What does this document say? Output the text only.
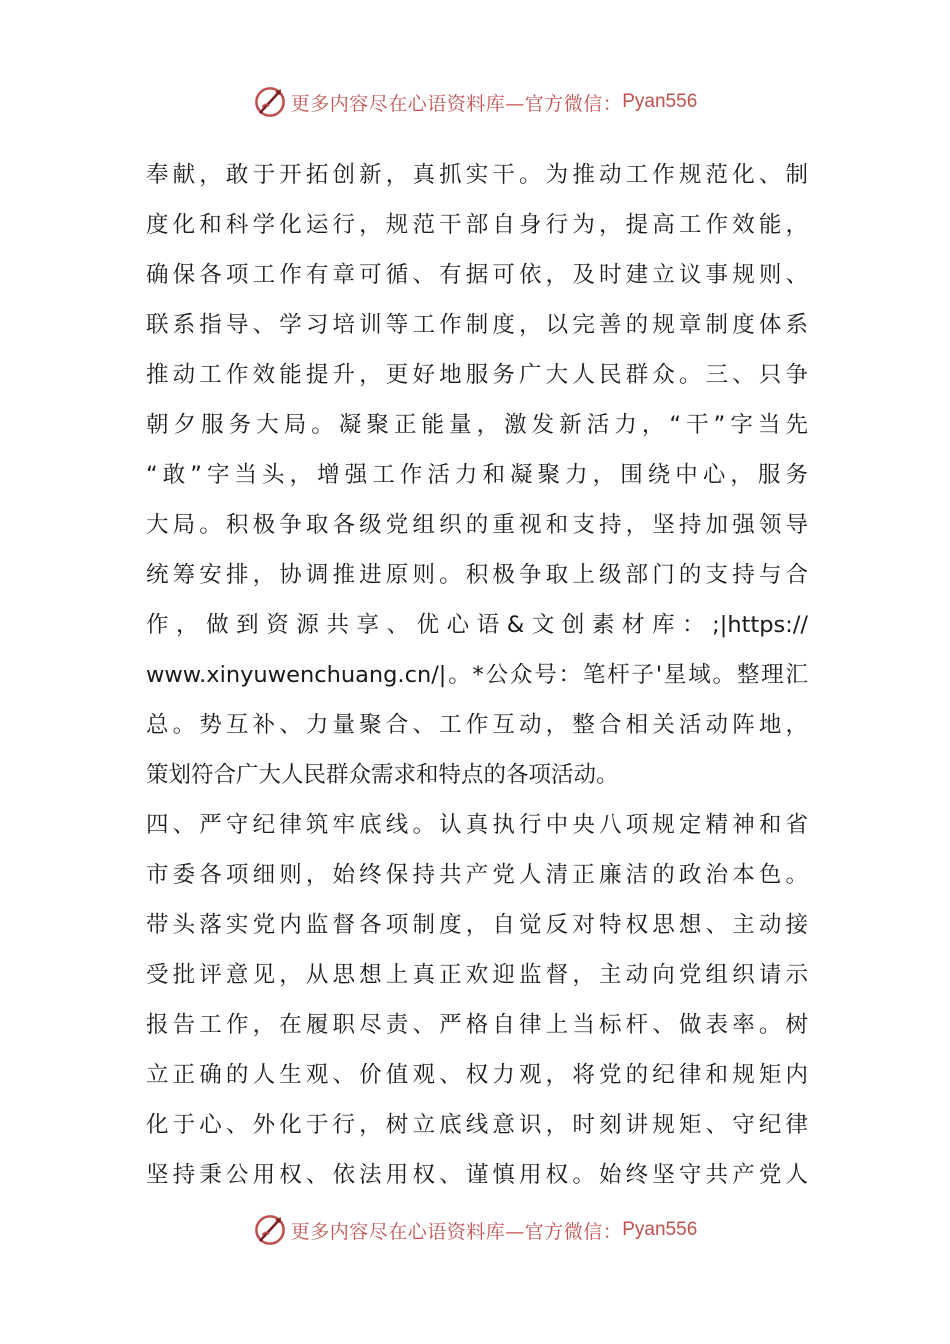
更多内容尽在心语资料库—官方微信： Pyan556
奉献，敢于开拓创新，真抓实干。为推动工作规范化、制
度化和科学化运行，规范干部自身行为，提高工作效能，
确保各项工作有章可循、有据可依，及时建立议事规则、
联系指导、学习培训等工作制度，以完善的规章制度体系
推动工作效能提升，更好地服务广大人民群众。三、只争
朝夕服务大局。凝聚正能量，激发新活力，“干”字当先
“敢”字当头，增强工作活力和凝聚力，围绕中心，服务
大局。积极争取各级党组织的重视和支持，坚持加强领导
统筹安排，协调推进原则。积极争取上级部门的支持与合
作，做到资源共享、优心语&文创素材库：;|https://
www.xinyuwenchuang.cn/|。*公众号：笔杆子'星域。整理汇
总。势互补、力量聚合、工作互动，整合相关活动阵地，
策划符合广大人民群众需求和特点的各项活动。
四、严守纪律筑牢底线。认真执行中央八项规定精神和省
市委各项细则，始终保持共产党人清正廉洁的政治本色。
带头落实党内监督各项制度，自觉反对特权思想、主动接
受批评意见，从思想上真正欢迎监督，主动向党组织请示
报告工作，在履职尽责、严格自律上当标杆、做表率。树
立正确的人生观、价值观、权力观，将党的纪律和规矩内
化于心、外化于行，树立底线意识，时刻讲规矩、守纪律
坚持秉公用权、依法用权、谨慎用权。始终坚守共产党人
更多内容尽在心语资料库—官方微信： Pyan556
